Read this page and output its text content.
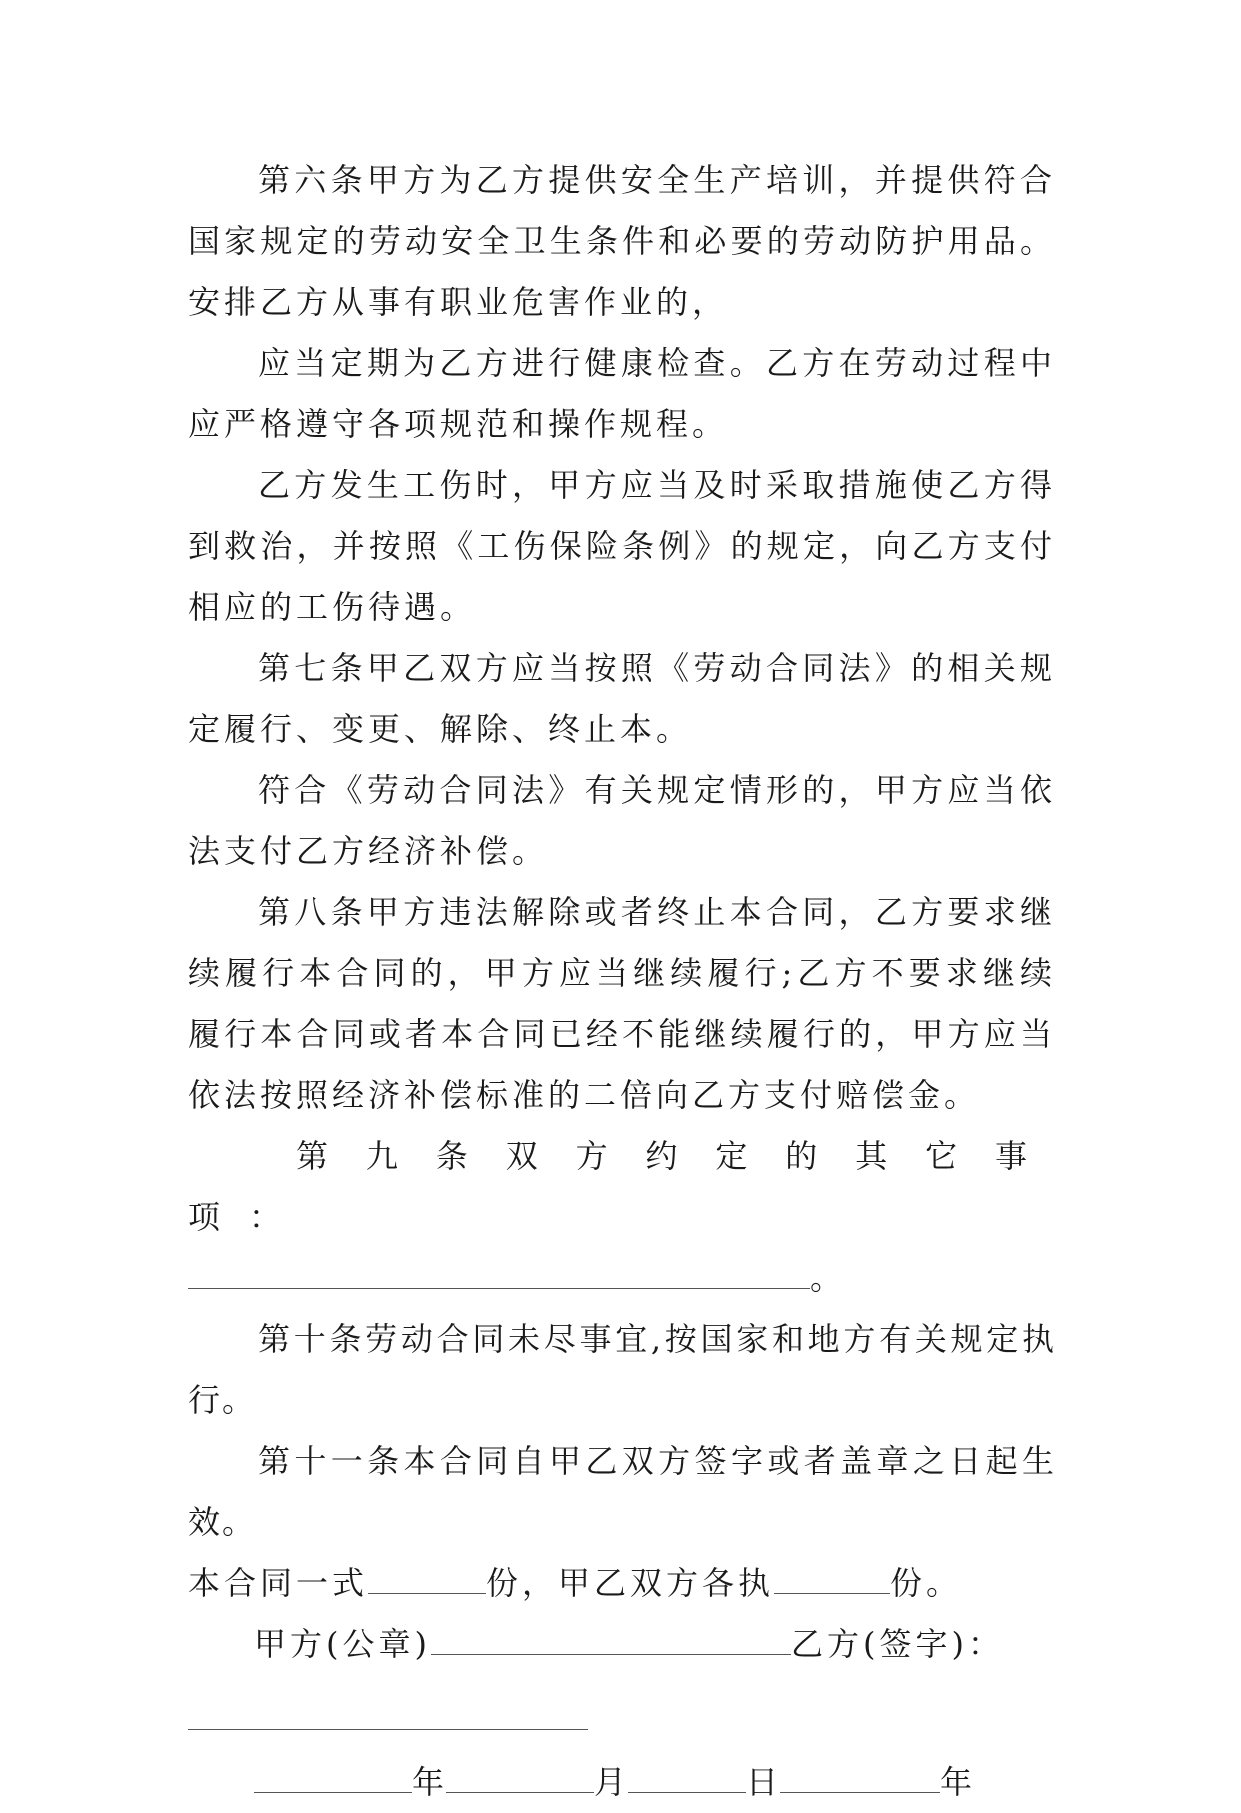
第六条甲方为乙方提供安全生产培训，并提供符合国家规定的劳动安全卫生条件和必要的劳动防护用品。安排乙方从事有职业危害作业的，

应当定期为乙方进行健康检查。乙方在劳动过程中应严格遵守各项规范和操作规程。

乙方发生工伤时，甲方应当及时采取措施使乙方得到救治，并按照《工伤保险条例》的规定，向乙方支付相应的工伤待遇。

第七条甲乙双方应当按照《劳动合同法》的相关规定履行、变更、解除、终止本。

符合《劳动合同法》有关规定情形的，甲方应当依法支付乙方经济补偿。

第八条甲方违法解除或者终止本合同，乙方要求继续履行本合同的，甲方应当继续履行;乙方不要求继续履行本合同或者本合同已经不能继续履行的，甲方应当依法按照经济补偿标准的二倍向乙方支付赔偿金。

第九条双方约定的其它事项：

。

第十条劳动合同未尽事宜,按国家和地方有关规定执行。

第十一条本合同自甲乙双方签字或者盖章之日起生效。

本合同一式	份，甲乙双方各执	份。

甲方(公章)	乙方(签字)：

年	月	日	年
